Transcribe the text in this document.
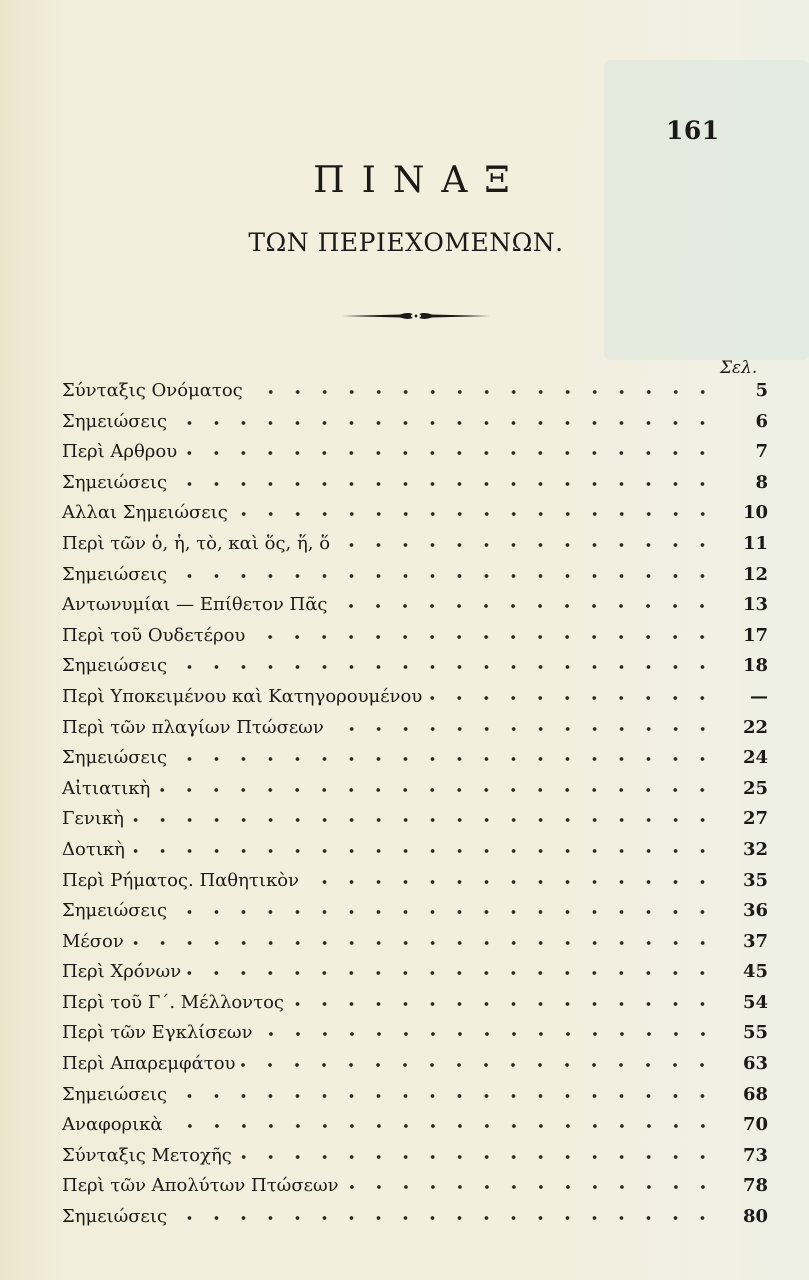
161
ΠΙΝΑΞ
ΤΩΝ ΠΕΡΙΕΧΟΜΕΝΩΝ.
Σελ.
Σύνταξις Ονόματος	5
Σημειώσεις	6
Περὶ Αρθρου	7
Σημειώσεις	8
Αλλαι Σημειώσεις	10
Περὶ τῶν ὁ, ἡ, τὸ, καὶ ὅς, ἥ, ὅ	11
Σημειώσεις	12
Αντωνυμίαι — Επίθετον Πᾶς	13
Περὶ τοῦ Ουδετέρου	17
Σημειώσεις	18
Περὶ Υποκειμένου καὶ Κατηγορουμένου	—
Περὶ τῶν πλαγίων Πτώσεων	22
Σημειώσεις	24
Αἰτιατικὴ	25
Γενικὴ	27
Δοτικὴ	32
Περὶ Ρήματος. Παθητικὸν	35
Σημειώσεις	36
Μέσον	37
Περὶ Χρόνων	45
Περὶ τοῦ Γ΄. Μέλλοντος	54
Περὶ τῶν Εγκλίσεων	55
Περὶ Απαρεμφάτου	63
Σημειώσεις	68
Αναφορικὰ	70
Σύνταξις Μετοχῆς	73
Περὶ τῶν Απολύτων Πτώσεων	78
Σημειώσεις	80
